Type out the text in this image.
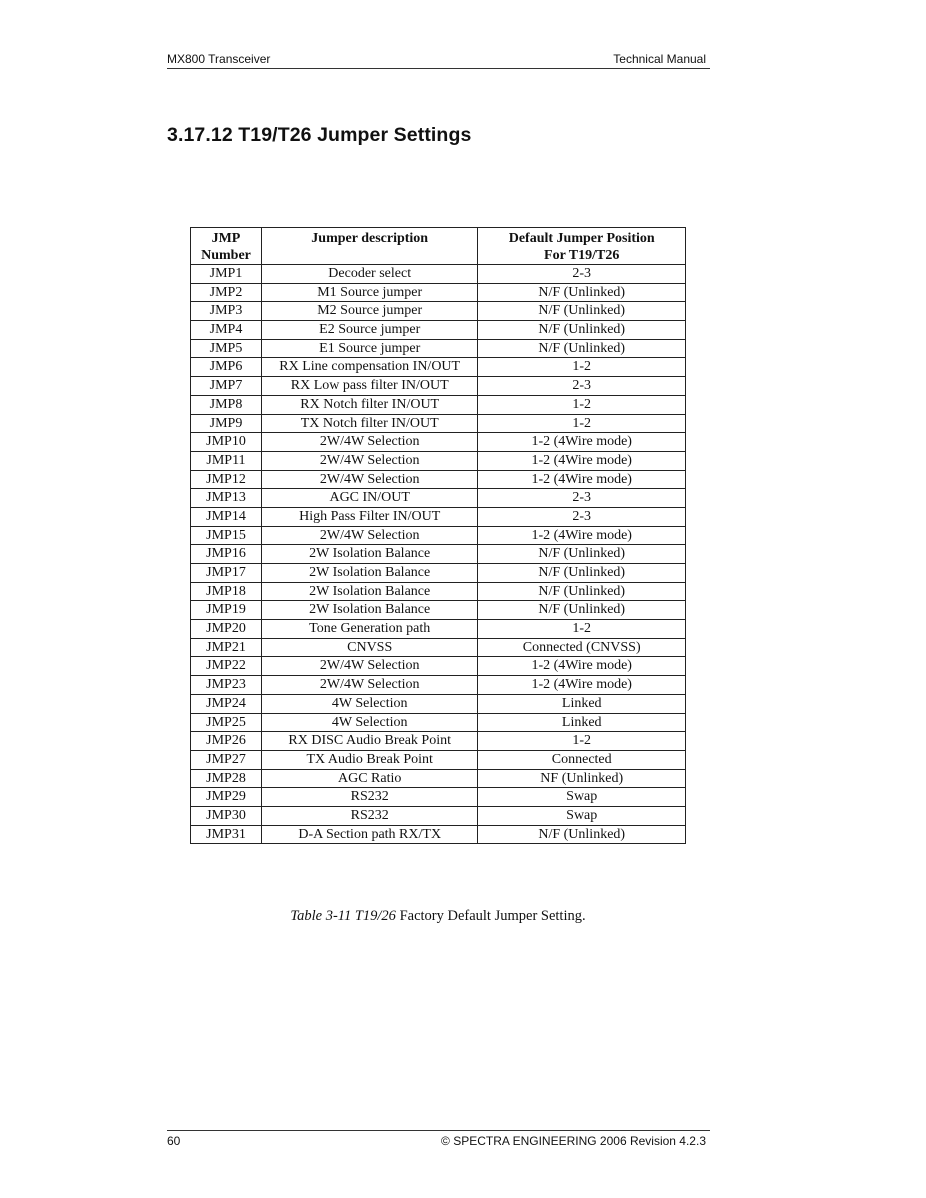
MX800 Transceiver	Technical Manual
3.17.12 T19/T26 Jumper Settings
JMP Number	Jumper description	Default Jumper Position For T19/T26
JMP1	Decoder select	2-3
JMP2	M1 Source jumper	N/F (Unlinked)
JMP3	M2 Source jumper	N/F (Unlinked)
JMP4	E2 Source jumper	N/F (Unlinked)
JMP5	E1 Source jumper	N/F (Unlinked)
JMP6	RX Line compensation IN/OUT	1-2
JMP7	RX Low pass filter IN/OUT	2-3
JMP8	RX Notch filter IN/OUT	1-2
JMP9	TX Notch filter IN/OUT	1-2
JMP10	2W/4W Selection	1-2 (4Wire mode)
JMP11	2W/4W Selection	1-2 (4Wire mode)
JMP12	2W/4W Selection	1-2 (4Wire mode)
JMP13	AGC IN/OUT	2-3
JMP14	High Pass Filter IN/OUT	2-3
JMP15	2W/4W Selection	1-2 (4Wire mode)
JMP16	2W Isolation Balance	N/F (Unlinked)
JMP17	2W Isolation Balance	N/F (Unlinked)
JMP18	2W Isolation Balance	N/F (Unlinked)
JMP19	2W Isolation Balance	N/F (Unlinked)
JMP20	Tone Generation path	1-2
JMP21	CNVSS	Connected (CNVSS)
JMP22	2W/4W Selection	1-2 (4Wire mode)
JMP23	2W/4W Selection	1-2 (4Wire mode)
JMP24	4W Selection	Linked
JMP25	4W Selection	Linked
JMP26	RX DISC Audio Break Point	1-2
JMP27	TX Audio Break Point	Connected
JMP28	AGC Ratio	NF (Unlinked)
JMP29	RS232	Swap
JMP30	RS232	Swap
JMP31	D-A Section path RX/TX	N/F (Unlinked)
Table 3-11 T19/26 Factory Default Jumper Setting.
60	© SPECTRA ENGINEERING 2006 Revision 4.2.3
